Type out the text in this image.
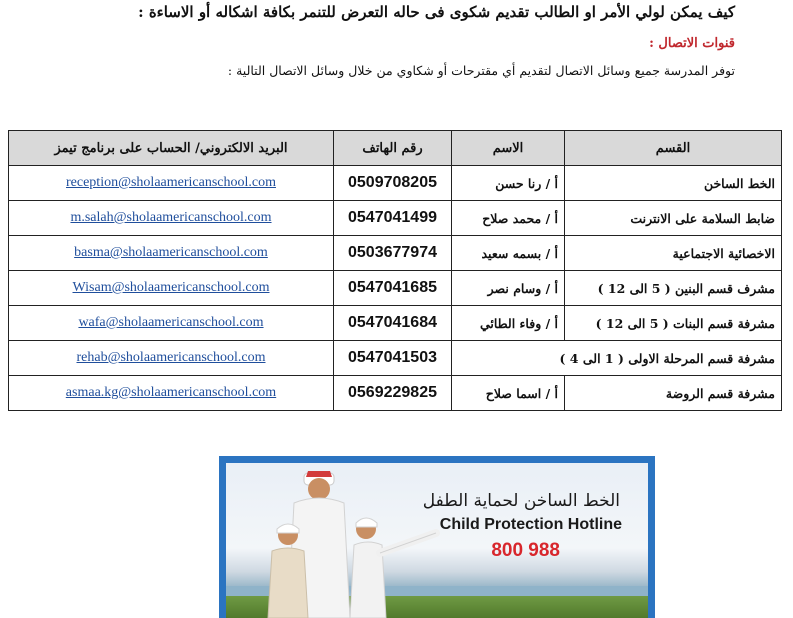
كيف يمكن لولي الأمر او الطالب تقديم شكوى فى حاله التعرض للتنمر بكافة اشكاله أو الاساءة :
قنوات الاتصال :
توفر المدرسة جميع وسائل الاتصال لتقديم أي مقترحات أو شكاوي من خلال وسائل الاتصال التالية :
البريد الالكتروني/ الحساب على برنامج تيمز	رقم الهاتف	الاسم	القسم
reception@sholaamericanschool.com	0509708205	أ / رنا حسن	الخط الساخن
m.salah@sholaamericanschool.com	0547041499	أ / محمد صلاح	ضابط السلامة على الانترنت
basma@sholaamericanschool.com	0503677974	أ / بسمه سعيد	الاخصائية الاجتماعية
Wisam@sholaamericanschool.com	0547041685	أ / وسام نصر	مشرف قسم البنين ( 5 الى 12 )
wafa@sholaamericanschool.com	0547041684	أ / وفاء الطائي	مشرفة قسم البنات ( 5 الى 12 )
rehab@sholaamericanschool.com	0547041503	مشرفة قسم المرحلة الاولى ( 1 الى 4 )	
asmaa.kg@sholaamericanschool.com	0569229825	أ / اسما صلاح	مشرفة قسم الروضة
الخط الساخن لحماية الطفل
Child Protection Hotline
800 988
